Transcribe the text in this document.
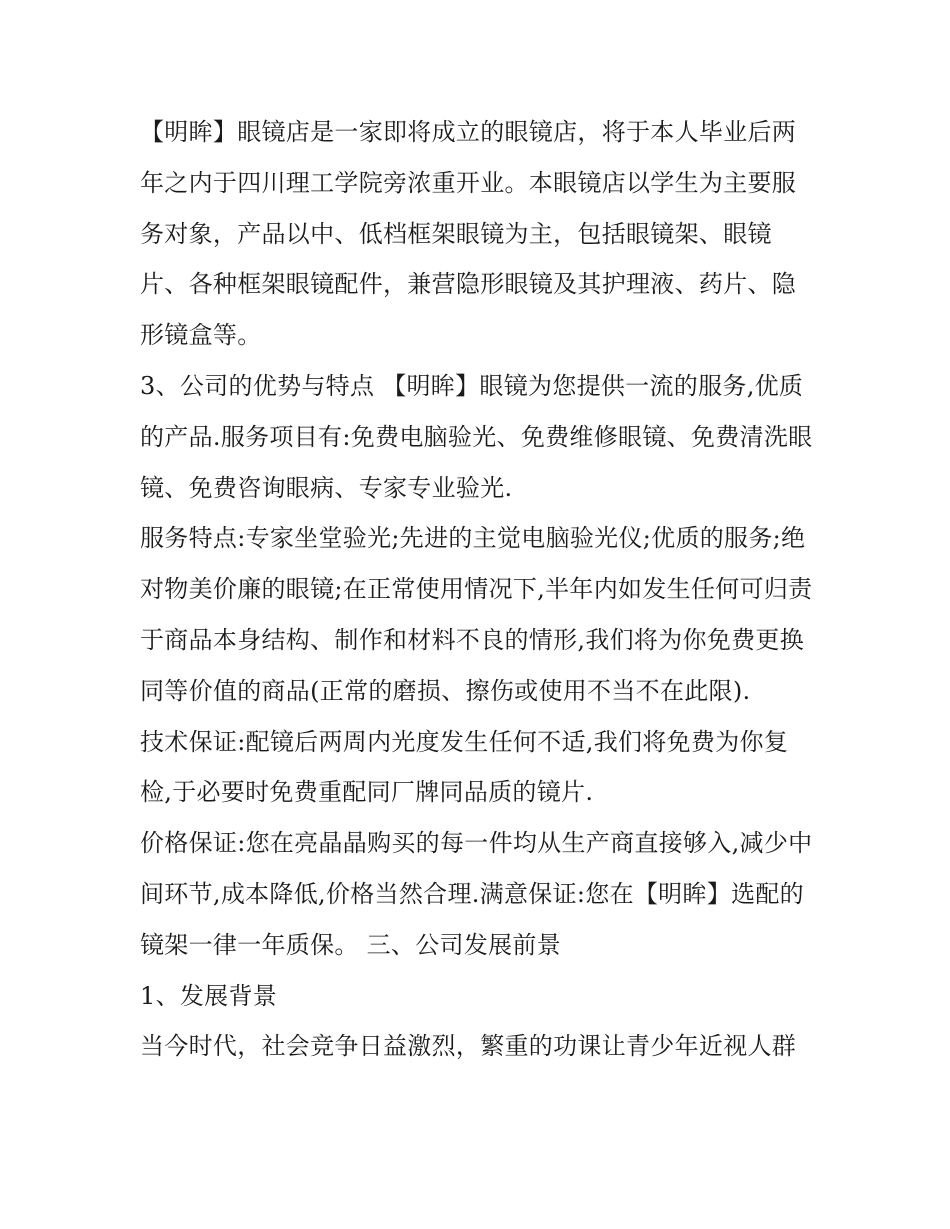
【明眸】眼镜店是一家即将成立的眼镜店，将于本人毕业后两年之内于四川理工学院旁浓重开业。本眼镜店以学生为主要服务对象，产品以中、低档框架眼镜为主，包括眼镜架、眼镜片、各种框架眼镜配件，兼营隐形眼镜及其护理液、药片、隐形镜盒等。

3、公司的优势与特点 【明眸】眼镜为您提供一流的服务,优质的产品.服务项目有:免费电脑验光、免费维修眼镜、免费清洗眼镜、免费咨询眼病、专家专业验光.

服务特点:专家坐堂验光;先进的主觉电脑验光仪;优质的服务;绝对物美价廉的眼镜;在正常使用情况下,半年内如发生任何可归责于商品本身结构、制作和材料不良的情形,我们将为你免费更换同等价值的商品(正常的磨损、擦伤或使用不当不在此限).

技术保证:配镜后两周内光度发生任何不适,我们将免费为你复检,于必要时免费重配同厂牌同品质的镜片.

价格保证:您在亮晶晶购买的每一件均从生产商直接够入,减少中间环节,成本降低,价格当然合理.满意保证:您在【明眸】选配的镜架一律一年质保。 三、公司发展前景

1、发展背景

当今时代，社会竞争日益激烈，繁重的功课让青少年近视人群
